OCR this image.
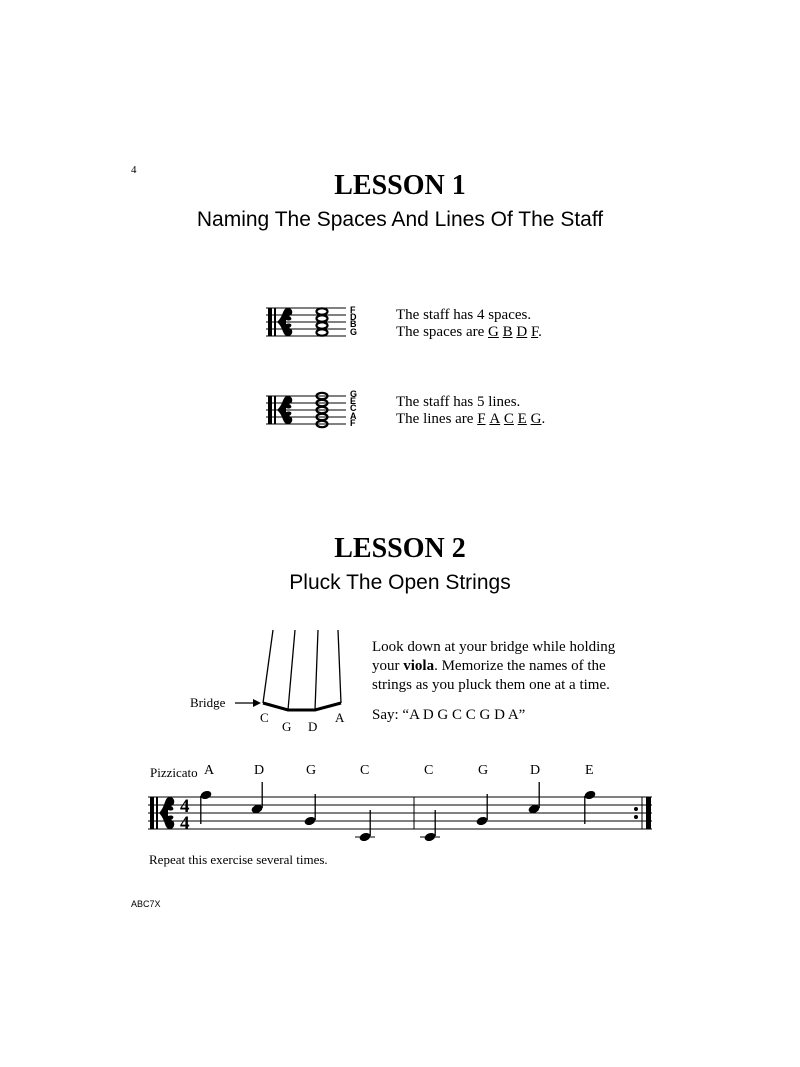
4	LESSON 1
Naming The Spaces And Lines Of The Staff
F
D
B
G
The staff has 4 spaces.
The spaces are G B D F.
G
E
C
A
F
The staff has 5 lines.
The lines are F A C E G.
LESSON 2
Pluck The Open Strings
Bridge
C
G D
A
Look down at your bridge while holding your viola. Memorize the names of the strings as you pluck them one at a time.
Say: “A D G C C G D A”
Pizzicato A	D	G	C	C	G	D	E
4
4
Repeat this exercise several times.
ABC7X
